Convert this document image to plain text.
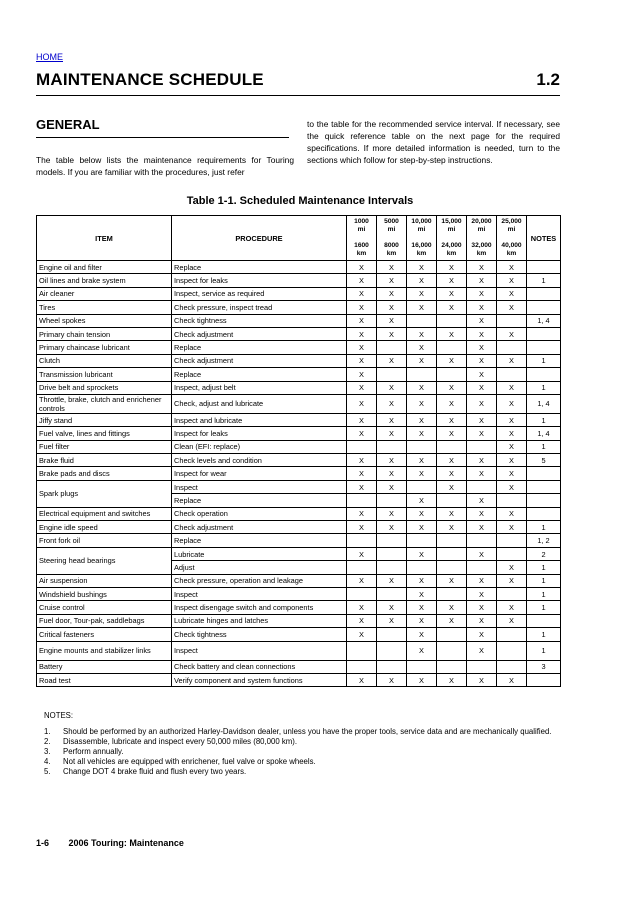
HOME
MAINTENANCE SCHEDULE	1.2
GENERAL
The table below lists the maintenance requirements for Touring models. If you are familiar with the procedures, just refer
to the table for the recommended service interval. If necessary, see the quick reference table on the next page for the required specifications. If more detailed information is needed, turn to the sections which follow for step-by-step instructions.
Table 1-1. Scheduled Maintenance Intervals
ITEM	PROCEDURE	1000
mi
1600
km	5000
mi
8000
km	10,000
mi
16,000
km	15,000
mi
24,000
km	20,000
mi
32,000
km	25,000
mi
40,000
km	NOTES
Engine oil and filter	Replace	X	X	X	X	X	X	
Oil lines and brake system	Inspect for leaks	X	X	X	X	X	X	1
Air cleaner	Inspect, service as required	X	X	X	X	X	X	
Tires	Check pressure, inspect tread	X	X	X	X	X	X	
Wheel spokes	Check tightness	X	X			X		1, 4
Primary chain tension	Check adjustment	X	X	X	X	X	X	
Primary chaincase lubricant	Replace	X		X		X		
Clutch	Check adjustment	X	X	X	X	X	X	1
Transmission lubricant	Replace	X				X		
Drive belt and sprockets	Inspect, adjust belt	X	X	X	X	X	X	1
Throttle, brake, clutch and enrichener controls	Check, adjust and lubricate	X	X	X	X	X	X	1, 4
Jiffy stand	Inspect and lubricate	X	X	X	X	X	X	1
Fuel valve, lines and fittings	Inspect for leaks	X	X	X	X	X	X	1, 4
Fuel filter	Clean (EFI: replace)						X	1
Brake fluid	Check levels and condition	X	X	X	X	X	X	5
Brake pads and discs	Inspect for wear	X	X	X	X	X	X	
Spark plugs	Inspect	X	X		X		X	
	Replace			X		X		
Electrical equipment and switches	Check operation	X	X	X	X	X	X	
Engine idle speed	Check adjustment	X	X	X	X	X	X	1
Front fork oil	Replace							1, 2
Steering head bearings	Lubricate	X		X		X		2
	Adjust						X	1
Air suspension	Check pressure, operation and leakage	X	X	X	X	X	X	1
Windshield bushings	Inspect			X		X		1
Cruise control	Inspect disengage switch and components	X	X	X	X	X	X	1
Fuel door, Tour-pak, saddlebags	Lubricate hinges and latches	X	X	X	X	X	X	
Critical fasteners	Check tightness	X		X		X		1
Engine mounts and stabilizer links	Inspect			X		X		1
Battery	Check battery and clean connections							3
Road test	Verify component and system functions	X	X	X	X	X	X	
NOTES:
1.	Should be performed by an authorized Harley-Davidson dealer, unless you have the proper tools, service data and are mechanically qualified.
2.	Disassemble, lubricate and inspect every 50,000 miles (80,000 km).
3.	Perform annually.
4.	Not all vehicles are equipped with enrichener, fuel valve or spoke wheels.
5.	Change DOT 4 brake fluid and flush every two years.
1-6 2006 Touring: Maintenance
